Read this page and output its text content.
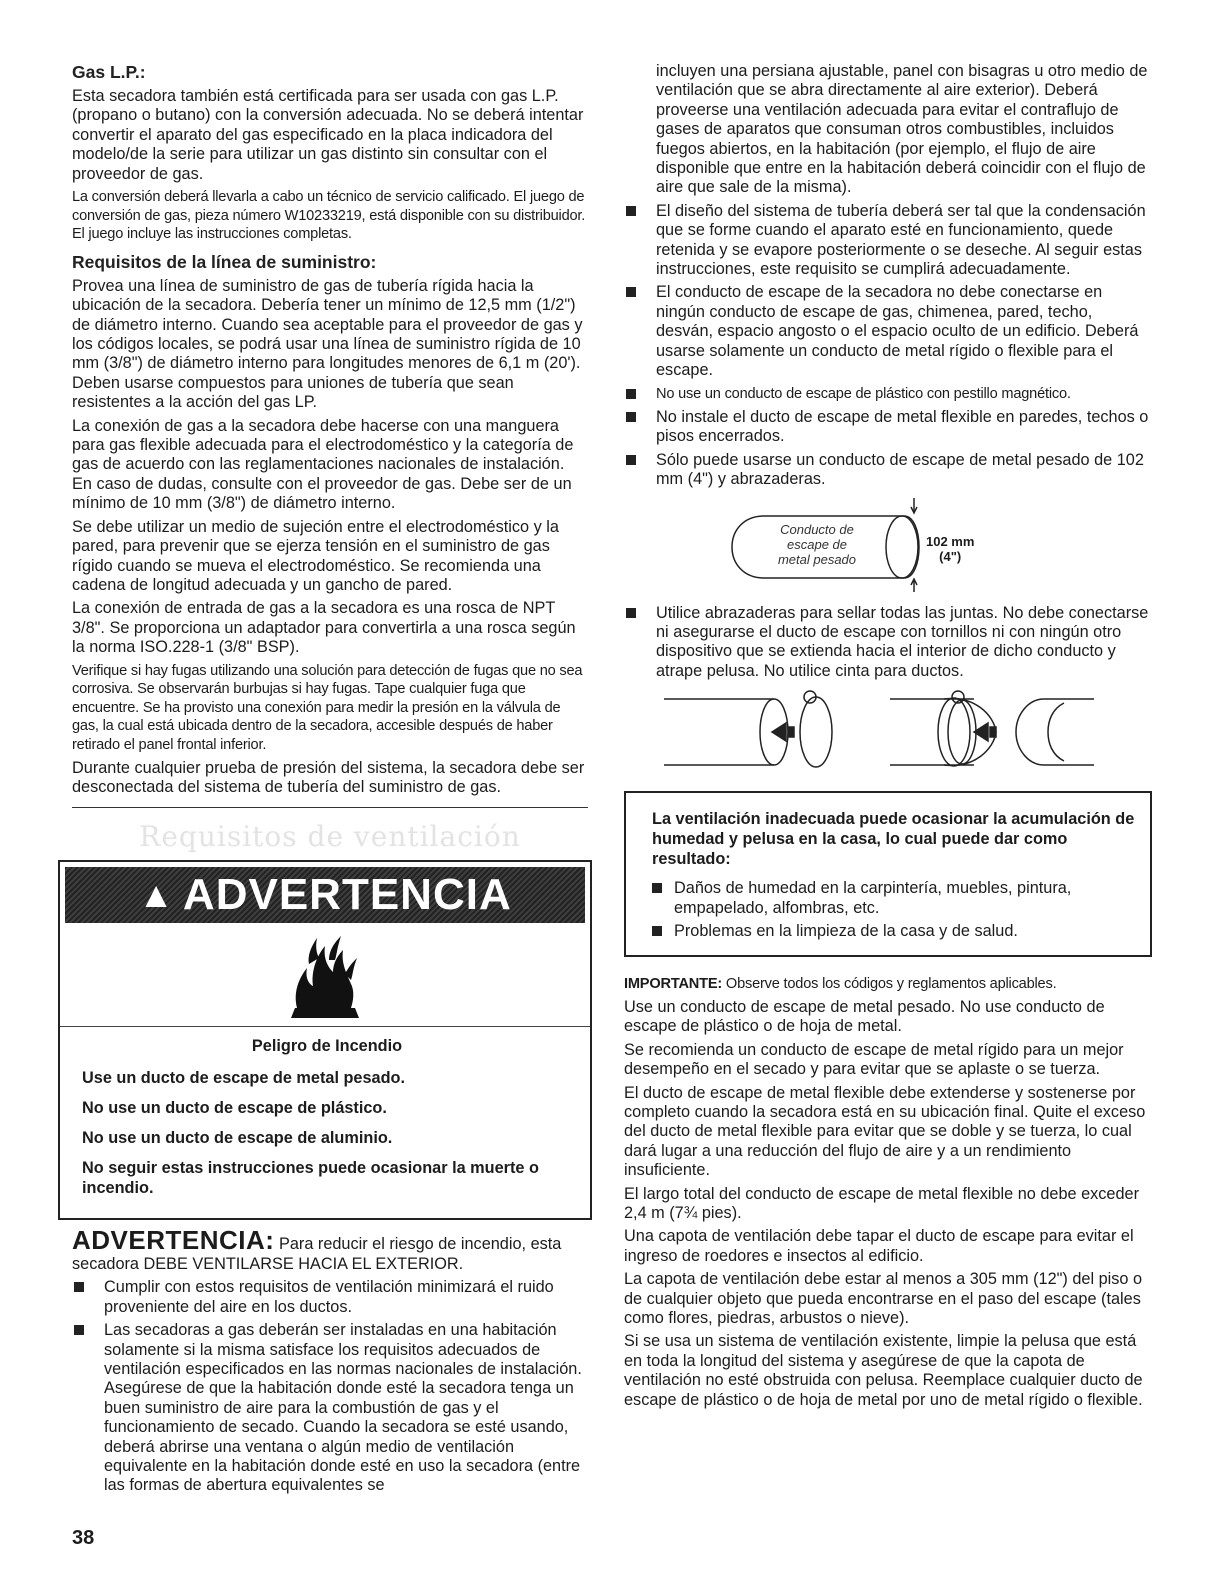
Gas L.P.:

Esta secadora también está certificada para ser usada con gas L.P. (propano o butano) con la conversión adecuada. No se deberá intentar convertir el aparato del gas especificado en la placa indicadora del modelo/de la serie para utilizar un gas distinto sin consultar con el proveedor de gas.

La conversión deberá llevarla a cabo un técnico de servicio calificado. El juego de conversión de gas, pieza número W10233219, está disponible con su distribuidor. El juego incluye las instrucciones completas.

Requisitos de la línea de suministro:

Provea una línea de suministro de gas de tubería rígida hacia la ubicación de la secadora. Debería tener un mínimo de 12,5 mm (1/2") de diámetro interno. Cuando sea aceptable para el proveedor de gas y los códigos locales, se podrá usar una línea de suministro rígida de 10 mm (3/8") de diámetro interno para longitudes menores de 6,1 m (20'). Deben usarse compuestos para uniones de tubería que sean resistentes a la acción del gas LP.

La conexión de gas a la secadora debe hacerse con una manguera para gas flexible adecuada para el electrodoméstico y la categoría de gas de acuerdo con las reglamentaciones nacionales de instalación. En caso de dudas, consulte con el proveedor de gas. Debe ser de un mínimo de 10 mm (3/8") de diámetro interno.

Se debe utilizar un medio de sujeción entre el electrodoméstico y la pared, para prevenir que se ejerza tensión en el suministro de gas rígido cuando se mueva el electrodoméstico. Se recomienda una cadena de longitud adecuada y un gancho de pared.

La conexión de entrada de gas a la secadora es una rosca de NPT 3/8". Se proporciona un adaptador para convertirla a una rosca según la norma ISO.228-1 (3/8" BSP).

Verifique si hay fugas utilizando una solución para detección de fugas que no sea corrosiva. Se observarán burbujas si hay fugas. Tape cualquier fuga que encuentre. Se ha provisto una conexión para medir la presión en la válvula de gas, la cual está ubicada dentro de la secadora, accesible después de haber retirado el panel frontal inferior.

Durante cualquier prueba de presión del sistema, la secadora debe ser desconectada del sistema de tubería del suministro de gas.

Requisitos de ventilación
▲ ADVERTENCIA
Peligro de Incendio
Use un ducto de escape de metal pesado.
No use un ducto de escape de plástico.
No use un ducto de escape de aluminio.
No seguir estas instrucciones puede ocasionar la muerte o incendio.

ADVERTENCIA: Para reducir el riesgo de incendio, esta secadora DEBE VENTILARSE HACIA EL EXTERIOR.

Cumplir con estos requisitos de ventilación minimizará el ruido proveniente del aire en los ductos.
Las secadoras a gas deberán ser instaladas en una habitación solamente si la misma satisface los requisitos adecuados de ventilación especificados en las normas nacionales de instalación. Asegúrese de que la habitación donde esté la secadora tenga un buen suministro de aire para la combustión de gas y el funcionamiento de secado. Cuando la secadora se esté usando, deberá abrirse una ventana o algún medio de ventilación equivalente en la habitación donde esté en uso la secadora (entre las formas de abertura equivalentes se
38

incluyen una persiana ajustable, panel con bisagras u otro medio de ventilación que se abra directamente al aire exterior). Deberá proveerse una ventilación adecuada para evitar el contraflujo de gases de aparatos que consuman otros combustibles, incluidos fuegos abiertos, en la habitación (por ejemplo, el flujo de aire disponible que entre en la habitación deberá coincidir con el flujo de aire que sale de la misma).

El diseño del sistema de tubería deberá ser tal que la condensación que se forme cuando el aparato esté en funcionamiento, quede retenida y se evapore posteriormente o se deseche. Al seguir estas instrucciones, este requisito se cumplirá adecuadamente.
El conducto de escape de la secadora no debe conectarse en ningún conducto de escape de gas, chimenea, pared, techo, desván, espacio angosto o el espacio oculto de un edificio. Deberá usarse solamente un conducto de metal rígido o flexible para el escape.
No use un conducto de escape de plástico con pestillo magnético.
No instale el ducto de escape de metal flexible en paredes, techos o pisos encerrados.
Sólo puede usarse un conducto de escape de metal pesado de 102 mm (4") y abrazaderas.
Conducto de
escape de
metal pesado
102 mm
(4")
Utilice abrazaderas para sellar todas las juntas. No debe conectarse ni asegurarse el ducto de escape con tornillos ni con ningún otro dispositivo que se extienda hacia el interior de dicho conducto y atrape pelusa. No utilice cinta para ductos.
La ventilación inadecuada puede ocasionar la acumulación de humedad y pelusa en la casa, lo cual puede dar como resultado:
Daños de humedad en la carpintería, muebles, pintura, empapelado, alfombras, etc.
Problemas en la limpieza de la casa y de salud.

IMPORTANTE: Observe todos los códigos y reglamentos aplicables.

Use un conducto de escape de metal pesado. No use conducto de escape de plástico o de hoja de metal.

Se recomienda un conducto de escape de metal rígido para un mejor desempeño en el secado y para evitar que se aplaste o se tuerza.

El ducto de escape de metal flexible debe extenderse y sostenerse por completo cuando la secadora está en su ubicación final. Quite el exceso del ducto de metal flexible para evitar que se doble y se tuerza, lo cual dará lugar a una reducción del flujo de aire y a un rendimiento insuficiente.

El largo total del conducto de escape de metal flexible no debe exceder 2,4 m (7¾ pies).

Una capota de ventilación debe tapar el ducto de escape para evitar el ingreso de roedores e insectos al edificio.

La capota de ventilación debe estar al menos a 305 mm (12") del piso o de cualquier objeto que pueda encontrarse en el paso del escape (tales como flores, piedras, arbustos o nieve).

Si se usa un sistema de ventilación existente, limpie la pelusa que está en toda la longitud del sistema y asegúrese de que la capota de ventilación no esté obstruida con pelusa. Reemplace cualquier ducto de escape de plástico o de hoja de metal por uno de metal rígido o flexible.
